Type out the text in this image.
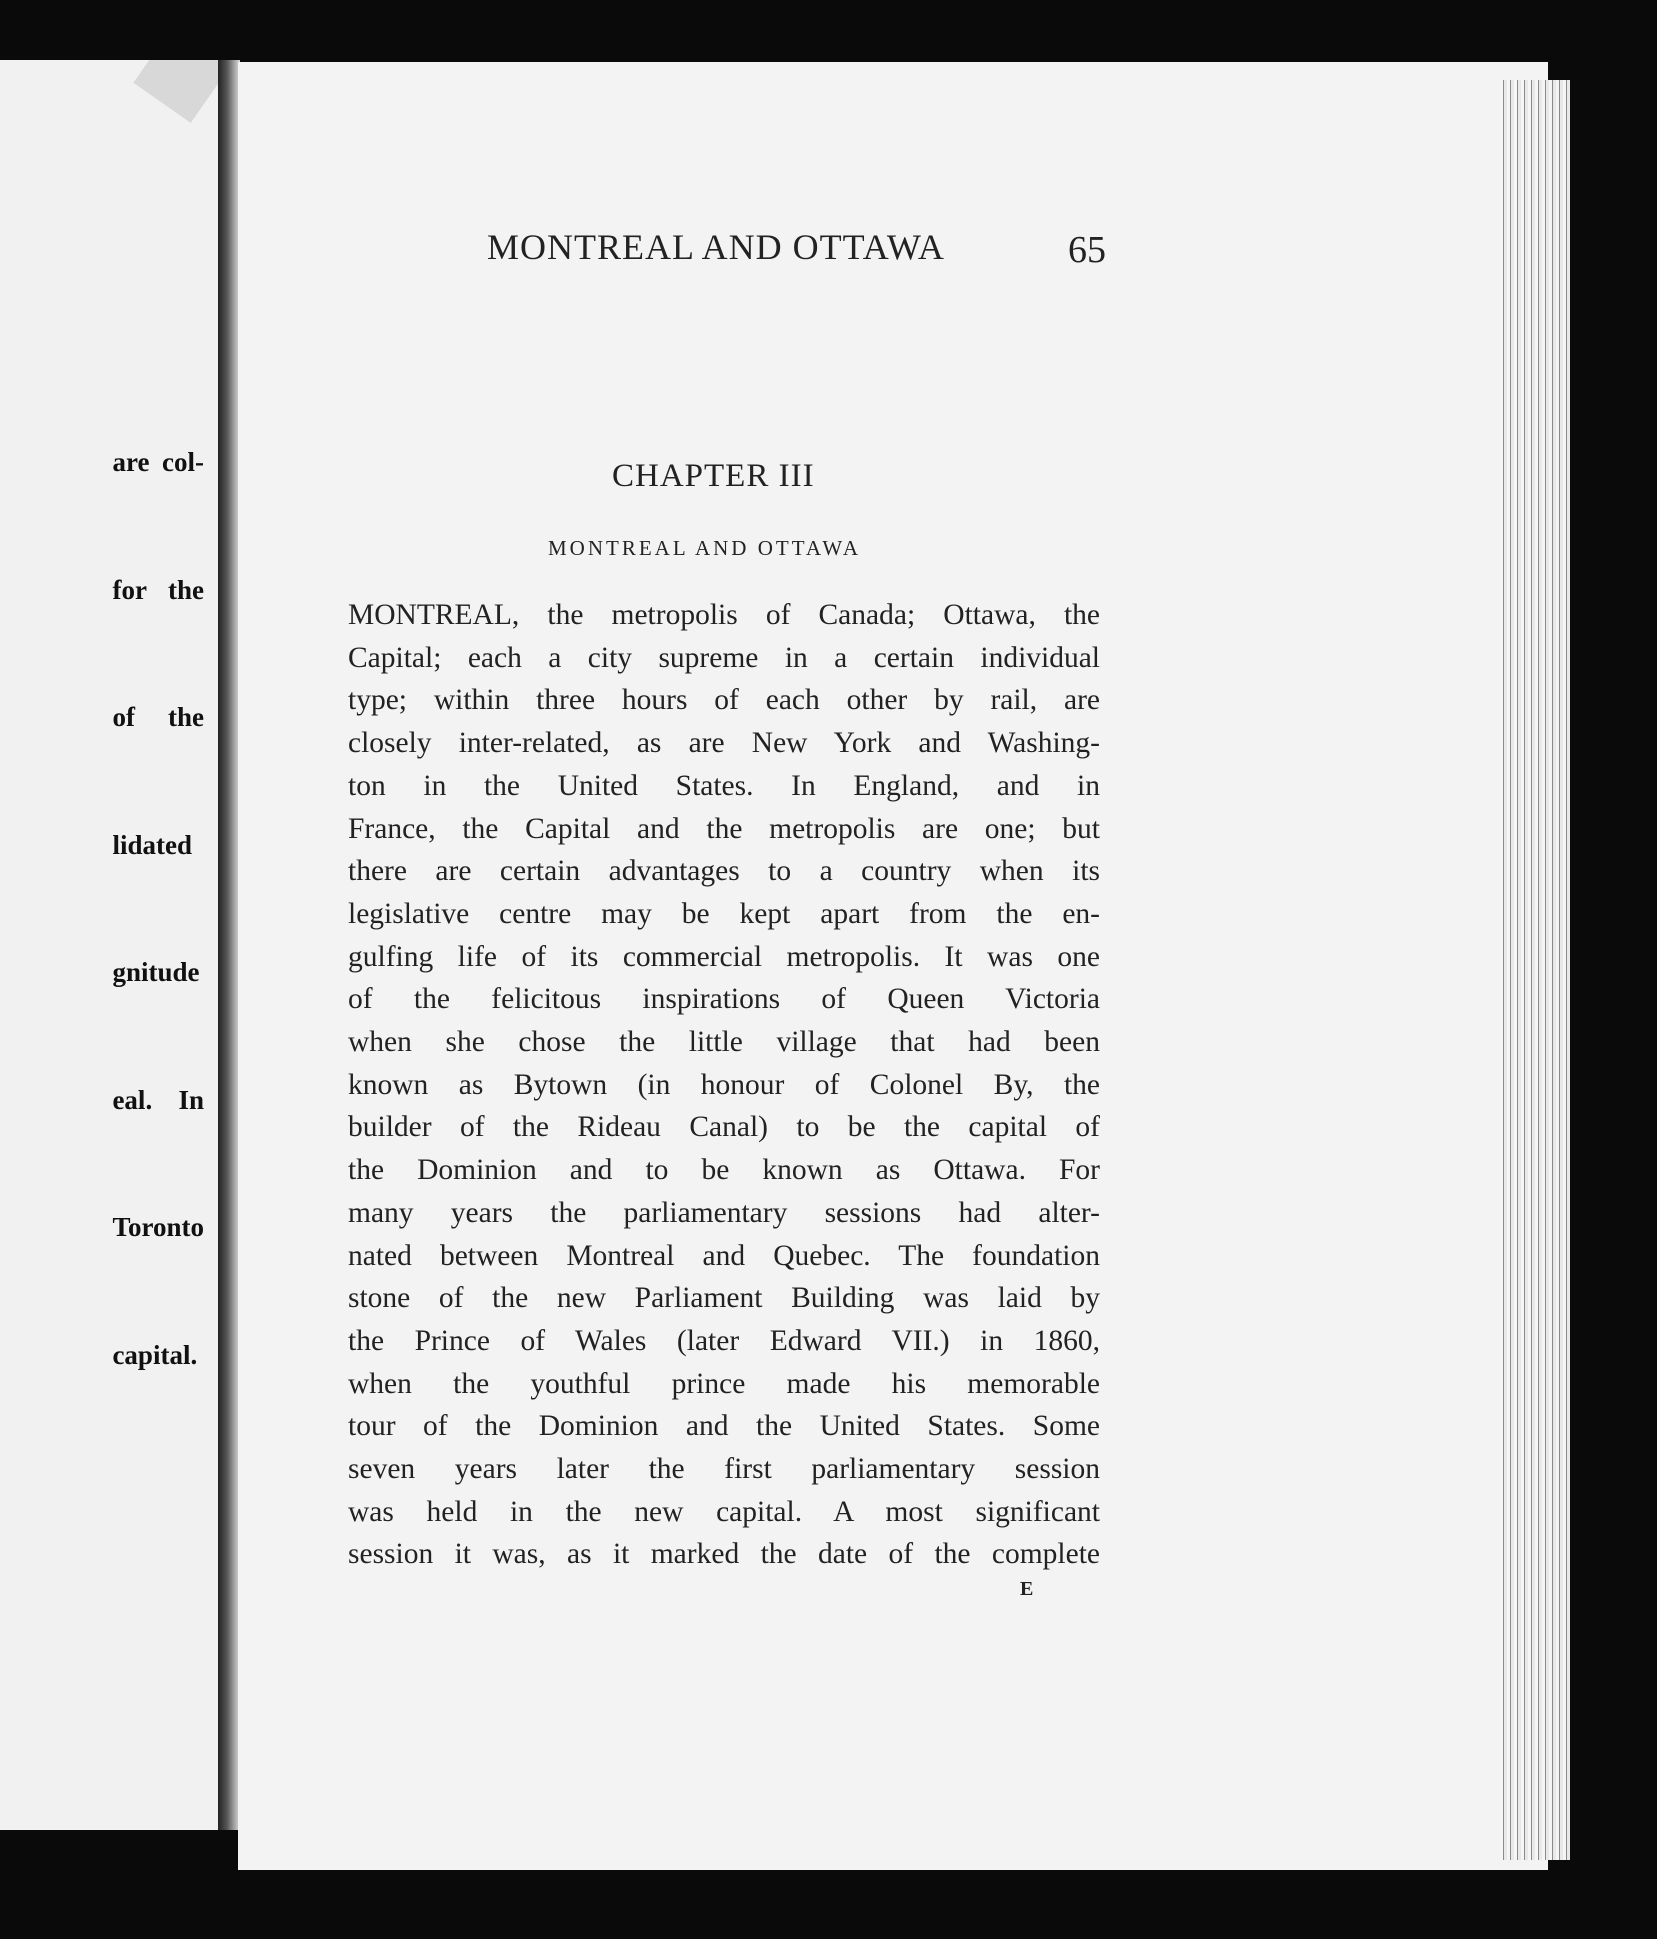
are col-

for the

of the

lidated

gnitude

eal. In

Toronto

capital.

MONTREAL AND OTTAWA	65
CHAPTER III
MONTREAL AND OTTAWA
MONTREAL, the metropolis of Canada; Ottawa, the
Capital; each a city supreme in a certain individual
type; within three hours of each other by rail, are
closely inter-related, as are New York and Washing-
ton in the United States. In England, and in
France, the Capital and the metropolis are one; but
there are certain advantages to a country when its
legislative centre may be kept apart from the en-
gulfing life of its commercial metropolis. It was one
of the felicitous inspirations of Queen Victoria
when she chose the little village that had been
known as Bytown (in honour of Colonel By, the
builder of the Rideau Canal) to be the capital of
the Dominion and to be known as Ottawa. For
many years the parliamentary sessions had alter-
nated between Montreal and Quebec. The foundation
stone of the new Parliament Building was laid by
the Prince of Wales (later Edward VII.) in 1860,
when the youthful prince made his memorable
tour of the Dominion and the United States. Some
seven years later the first parliamentary session
was held in the new capital. A most significant
session it was, as it marked the date of the complete
E
